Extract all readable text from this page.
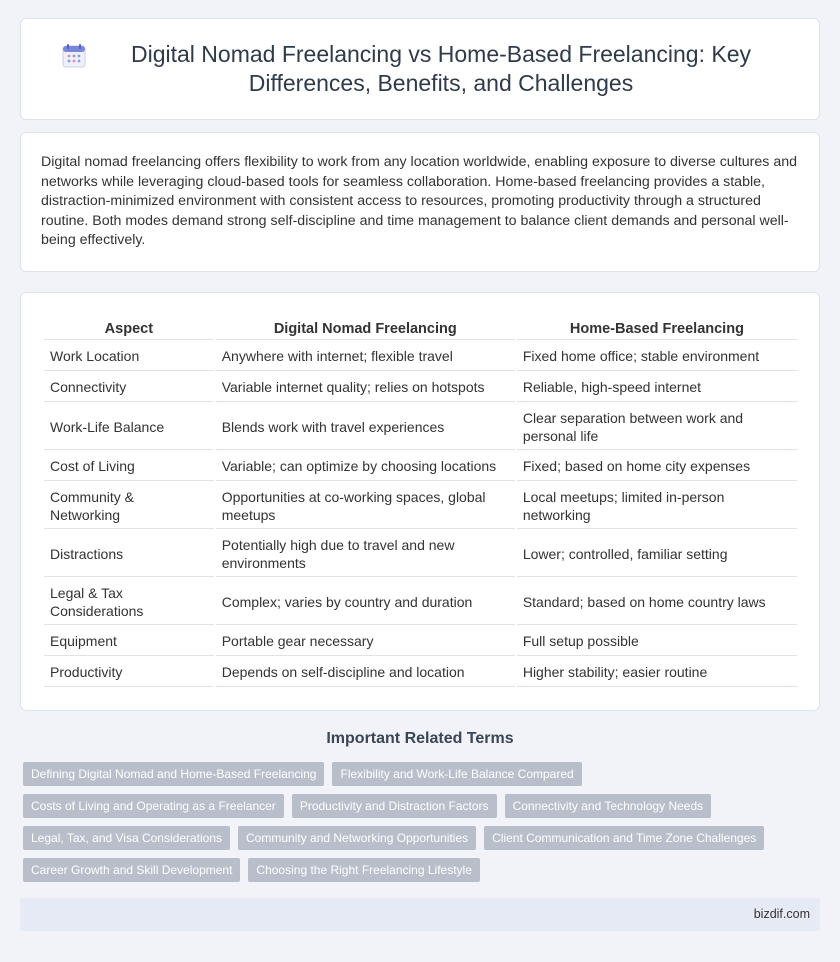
Digital Nomad Freelancing vs Home-Based Freelancing: Key Differences, Benefits, and Challenges

Digital nomad freelancing offers flexibility to work from any location worldwide, enabling exposure to diverse cultures and networks while leveraging cloud-based tools for seamless collaboration. Home-based freelancing provides a stable, distraction-minimized environment with consistent access to resources, promoting productivity through a structured routine. Both modes demand strong self-discipline and time management to balance client demands and personal well-being effectively.

Aspect	Digital Nomad Freelancing	Home-Based Freelancing
Work Location	Anywhere with internet; flexible travel	Fixed home office; stable environment
Connectivity	Variable internet quality; relies on hotspots	Reliable, high-speed internet
Work-Life Balance	Blends work with travel experiences	Clear separation between work and personal life
Cost of Living	Variable; can optimize by choosing locations	Fixed; based on home city expenses
Community & Networking	Opportunities at co-working spaces, global meetups	Local meetups; limited in-person networking
Distractions	Potentially high due to travel and new environments	Lower; controlled, familiar setting
Legal & Tax Considerations	Complex; varies by country and duration	Standard; based on home country laws
Equipment	Portable gear necessary	Full setup possible
Productivity	Depends on self-discipline and location	Higher stability; easier routine
Important Related Terms
Defining Digital Nomad and Home-Based Freelancing	Flexibility and Work-Life Balance Compared
Costs of Living and Operating as a Freelancer	Productivity and Distraction Factors	Connectivity and Technology Needs
Legal, Tax, and Visa Considerations	Community and Networking Opportunities	Client Communication and Time Zone Challenges
Career Growth and Skill Development	Choosing the Right Freelancing Lifestyle
bizdif.com
